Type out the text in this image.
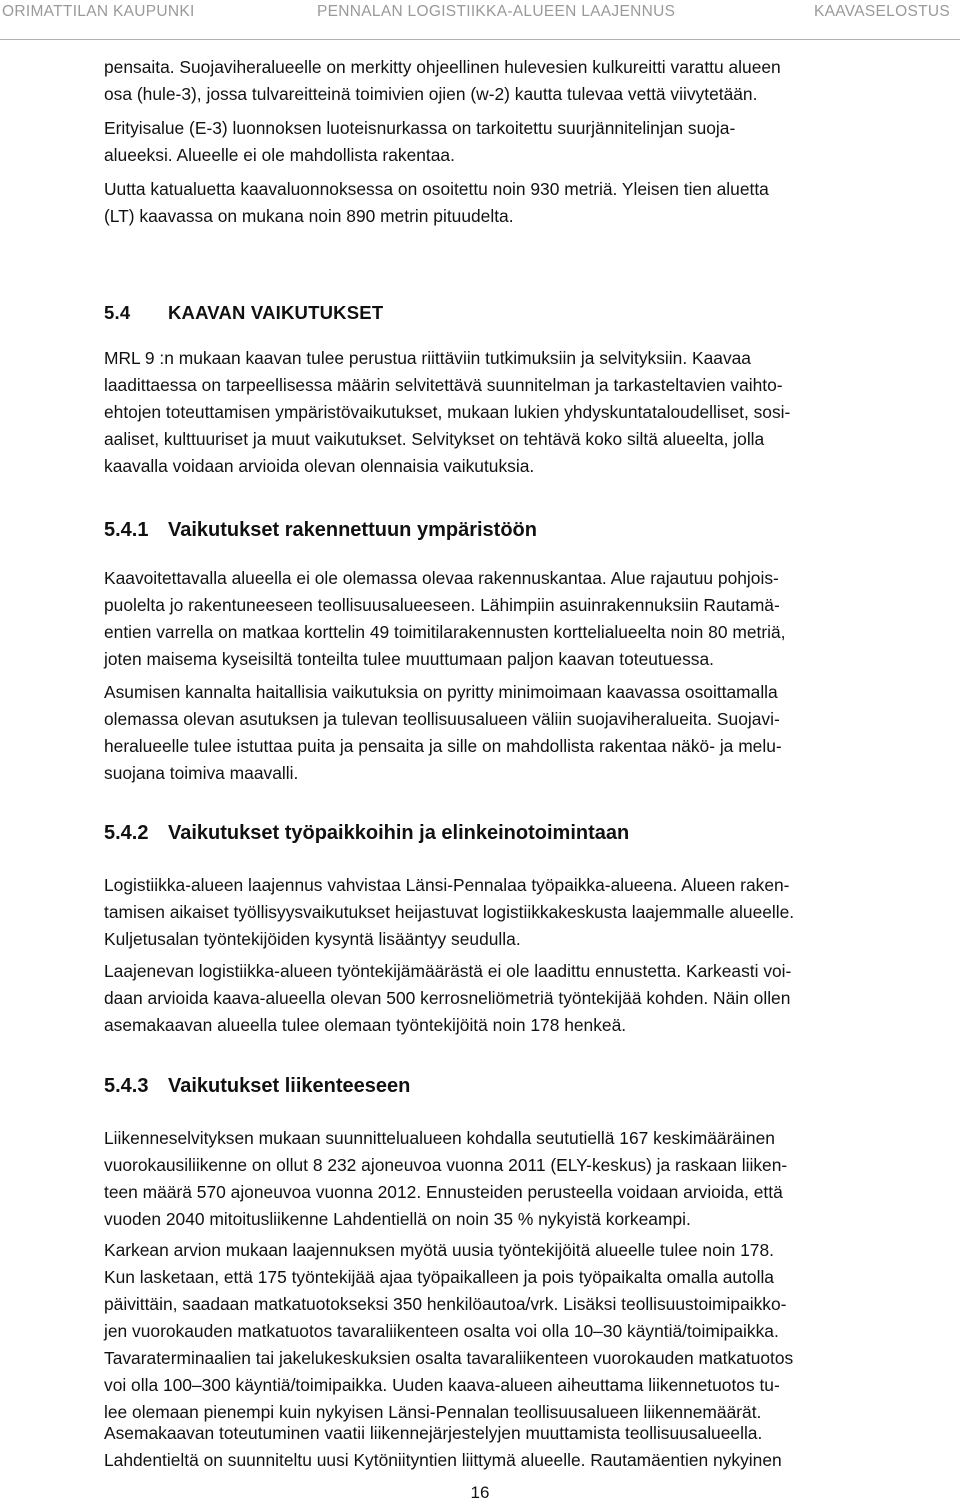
ORIMATTILAN KAUPUNKI	PENNALAN LOGISTIIKKA-ALUEEN LAAJENNUS	KAAVASELOSTUS

pensaita. Suojaviheralueelle on merkitty ohjeellinen hulevesien kulkureitti varattu alueen
osa (hule-3), jossa tulvareitteinä toimivien ojien (w-2) kautta tulevaa vettä viivytetään.

Erityisalue (E-3) luonnoksen luoteisnurkassa on tarkoitettu suurjännitelinjan suoja-
alueeksi. Alueelle ei ole mahdollista rakentaa.

Uutta katualuetta kaavaluonnoksessa on osoitettu noin 930 metriä. Yleisen tien aluetta
(LT) kaavassa on mukana noin 890 metrin pituudelta.

5.4 KAAVAN VAIKUTUKSET

MRL 9 :n mukaan kaavan tulee perustua riittäviin tutkimuksiin ja selvityksiin. Kaavaa
laadittaessa on tarpeellisessa määrin selvitettävä suunnitelman ja tarkasteltavien vaihto-
ehtojen toteuttamisen ympäristövaikutukset, mukaan lukien yhdyskuntataloudelliset, sosi-
aaliset, kulttuuriset ja muut vaikutukset. Selvitykset on tehtävä koko siltä alueelta, jolla
kaavalla voidaan arvioida olevan olennaisia vaikutuksia.

5.4.1 Vaikutukset rakennettuun ympäristöön

Kaavoitettavalla alueella ei ole olemassa olevaa rakennuskantaa. Alue rajautuu pohjois-
puolelta jo rakentuneeseen teollisuusalueeseen. Lähimpiin asuinrakennuksiin Rautamä-
entien varrella on matkaa korttelin 49 toimitilarakennusten korttelialueelta noin 80 metriä,
joten maisema kyseisiltä tonteilta tulee muuttumaan paljon kaavan toteutuessa.

Asumisen kannalta haitallisia vaikutuksia on pyritty minimoimaan kaavassa osoittamalla
olemassa olevan asutuksen ja tulevan teollisuusalueen väliin suojaviheralueita. Suojavi-
heralueelle tulee istuttaa puita ja pensaita ja sille on mahdollista rakentaa näkö- ja melu-
suojana toimiva maavalli.

5.4.2 Vaikutukset työpaikkoihin ja elinkeinotoimintaan

Logistiikka-alueen laajennus vahvistaa Länsi-Pennalaa työpaikka-alueena. Alueen raken-
tamisen aikaiset työllisyysvaikutukset heijastuvat logistiikkakeskusta laajemmalle alueelle.
Kuljetusalan työntekijöiden kysyntä lisääntyy seudulla.

Laajenevan logistiikka-alueen työntekijämäärästä ei ole laadittu ennustetta. Karkeasti voi-
daan arvioida kaava-alueella olevan 500 kerrosneliömetriä työntekijää kohden. Näin ollen
asemakaavan alueella tulee olemaan työntekijöitä noin 178 henkeä.

5.4.3 Vaikutukset liikenteeseen

Liikenneselvityksen mukaan suunnittelualueen kohdalla seututiellä 167 keskimääräinen
vuorokausiliikenne on ollut 8 232 ajoneuvoa vuonna 2011 (ELY-keskus) ja raskaan liiken-
teen määrä 570 ajoneuvoa vuonna 2012. Ennusteiden perusteella voidaan arvioida, että
vuoden 2040 mitoitusliikenne Lahdentiellä on noin 35 % nykyistä korkeampi.

Karkean arvion mukaan laajennuksen myötä uusia työntekijöitä alueelle tulee noin 178.
Kun lasketaan, että 175 työntekijää ajaa työpaikalleen ja pois työpaikalta omalla autolla
päivittäin, saadaan matkatuotokseksi 350 henkilöautoa/vrk. Lisäksi teollisuustoimipaikko-
jen vuorokauden matkatuotos tavaraliikenteen osalta voi olla 10–30 käyntiä/toimipaikka.
Tavaraterminaalien tai jakelukeskuksien osalta tavaraliikenteen vuorokauden matkatuotos
voi olla 100–300 käyntiä/toimipaikka. Uuden kaava-alueen aiheuttama liikennetuotos tu-
lee olemaan pienempi kuin nykyisen Länsi-Pennalan teollisuusalueen liikennemäärät.

Asemakaavan toteutuminen vaatii liikennejärjestelyjen muuttamista teollisuusalueella.
Lahdentieltä on suunniteltu uusi Kytöniityntien liittymä alueelle. Rautamäentien nykyinen

16
